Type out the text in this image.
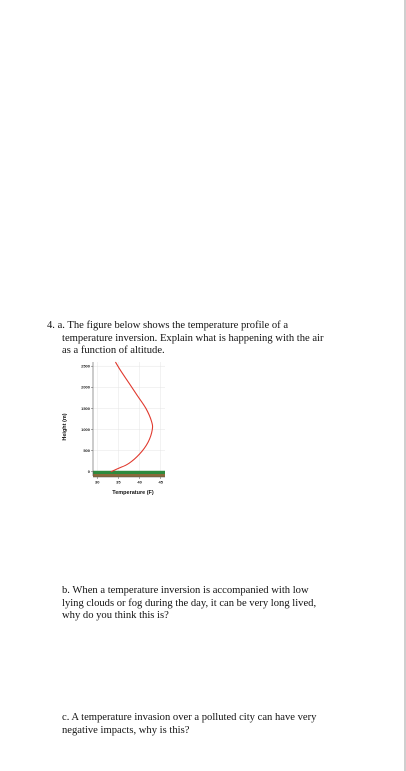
4. a. The figure below shows the temperature profile of a
temperature inversion. Explain what is happening with the air
as a function of altitude.
0
500
1000
1500
2000
2500
30	35	40	45
Temperature (F)
Height (m)
b. When a temperature inversion is accompanied with low
lying clouds or fog during the day, it can be very long lived,
why do you think this is?
c. A temperature invasion over a polluted city can have very
negative impacts, why is this?
